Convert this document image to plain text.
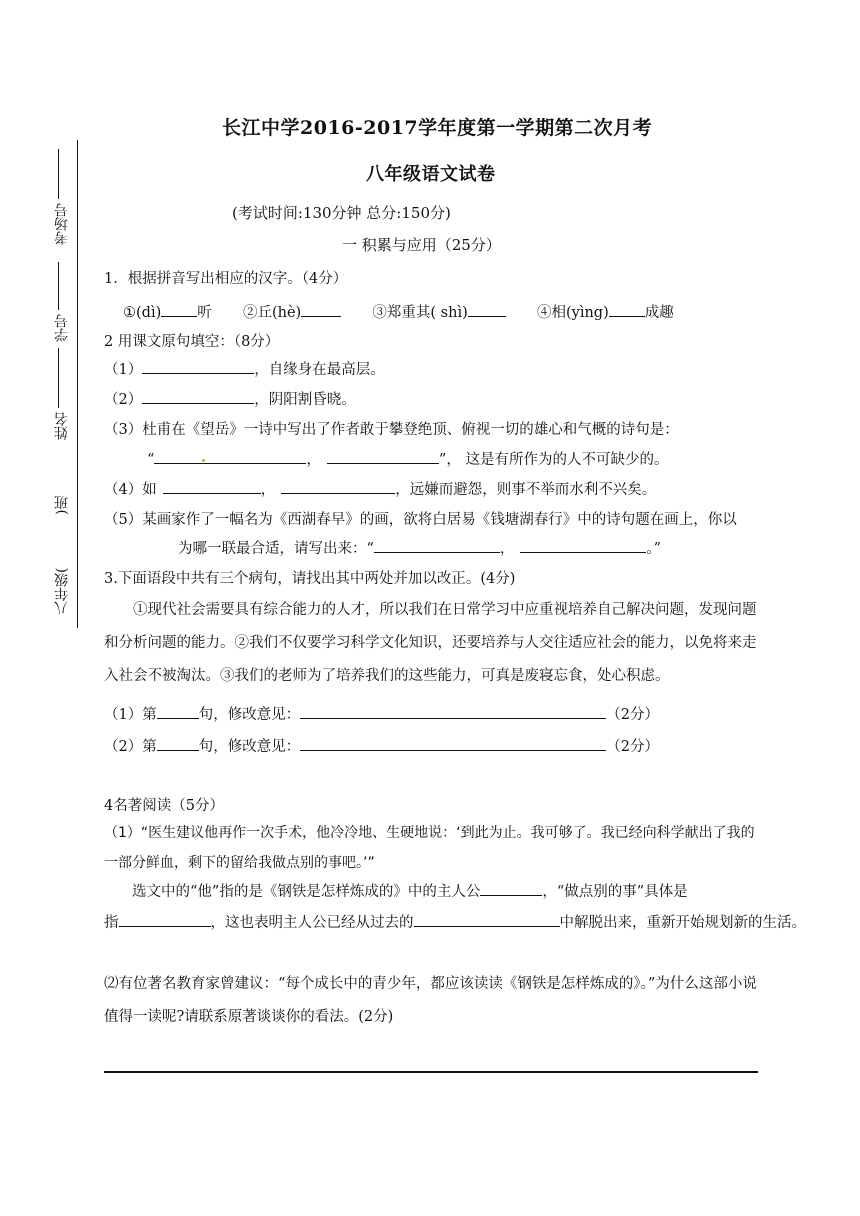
考场号
学号
姓名
)班
八年级(
长江中学2016-2017学年度第一学期第二次月考
八年级语文试卷
(考试时间:130分钟 总分:150分)
一 积累与应用（25分）
1．根据拼音写出相应的汉字。（4分）
①(dì) 听 ②丘(hè)	③郑重其( shì)	④相(yìng) 成趣
2 用课文原句填空：（8分）
（1）	，自缘身在最高层。
（2）	，阴阳割昏晓。
（3）杜甫在《望岳》一诗中写出了作者敢于攀登绝顶、俯视一切的雄心和气概的诗句是：
“	，	”， 这是有所作为的人不可缺少的。
（4）如	，	，远嫌而避怨，则事不举而水利不兴矣。
（5）某画家作了一幅名为《西湖春早》的画，欲将白居易《钱塘湖春行》中的诗句题在画上，你以
为哪一联最合适，请写出来：“	，	。”
3.下面语段中共有三个病句，请找出其中两处并加以改正。(4分)
①现代社会需要具有综合能力的人才，所以我们在日常学习中应重视培养自己解决问题，发现问题和分析问题的能力。②我们不仅要学习科学文化知识，还要培养与人交往适应社会的能力，以免将来走入社会不被淘汰。③我们的老师为了培养我们的这些能力，可真是废寝忘食，处心积虑。
（1）第	句，修改意见：	（2分）
（2）第	句，修改意见：	（2分）
4名著阅读（5分）
（1）“医生建议他再作一次手术，他冷冷地、生硬地说：‘到此为止。我可够了。我已经向科学献出了我的一部分鲜血，剩下的留给我做点别的事吧。’”
选文中的“他”指的是《钢铁是怎样炼成的》中的主人公	，“做点别的事”具体是
指	，这也表明主人公已经从过去的	中解脱出来，重新开始规划新的生活。
⑵有位著名教育家曾建议：“每个成长中的青少年，都应该读读《钢铁是怎样炼成的》。”为什么这部小说值得一读呢?请联系原著谈谈你的看法。(2分)
